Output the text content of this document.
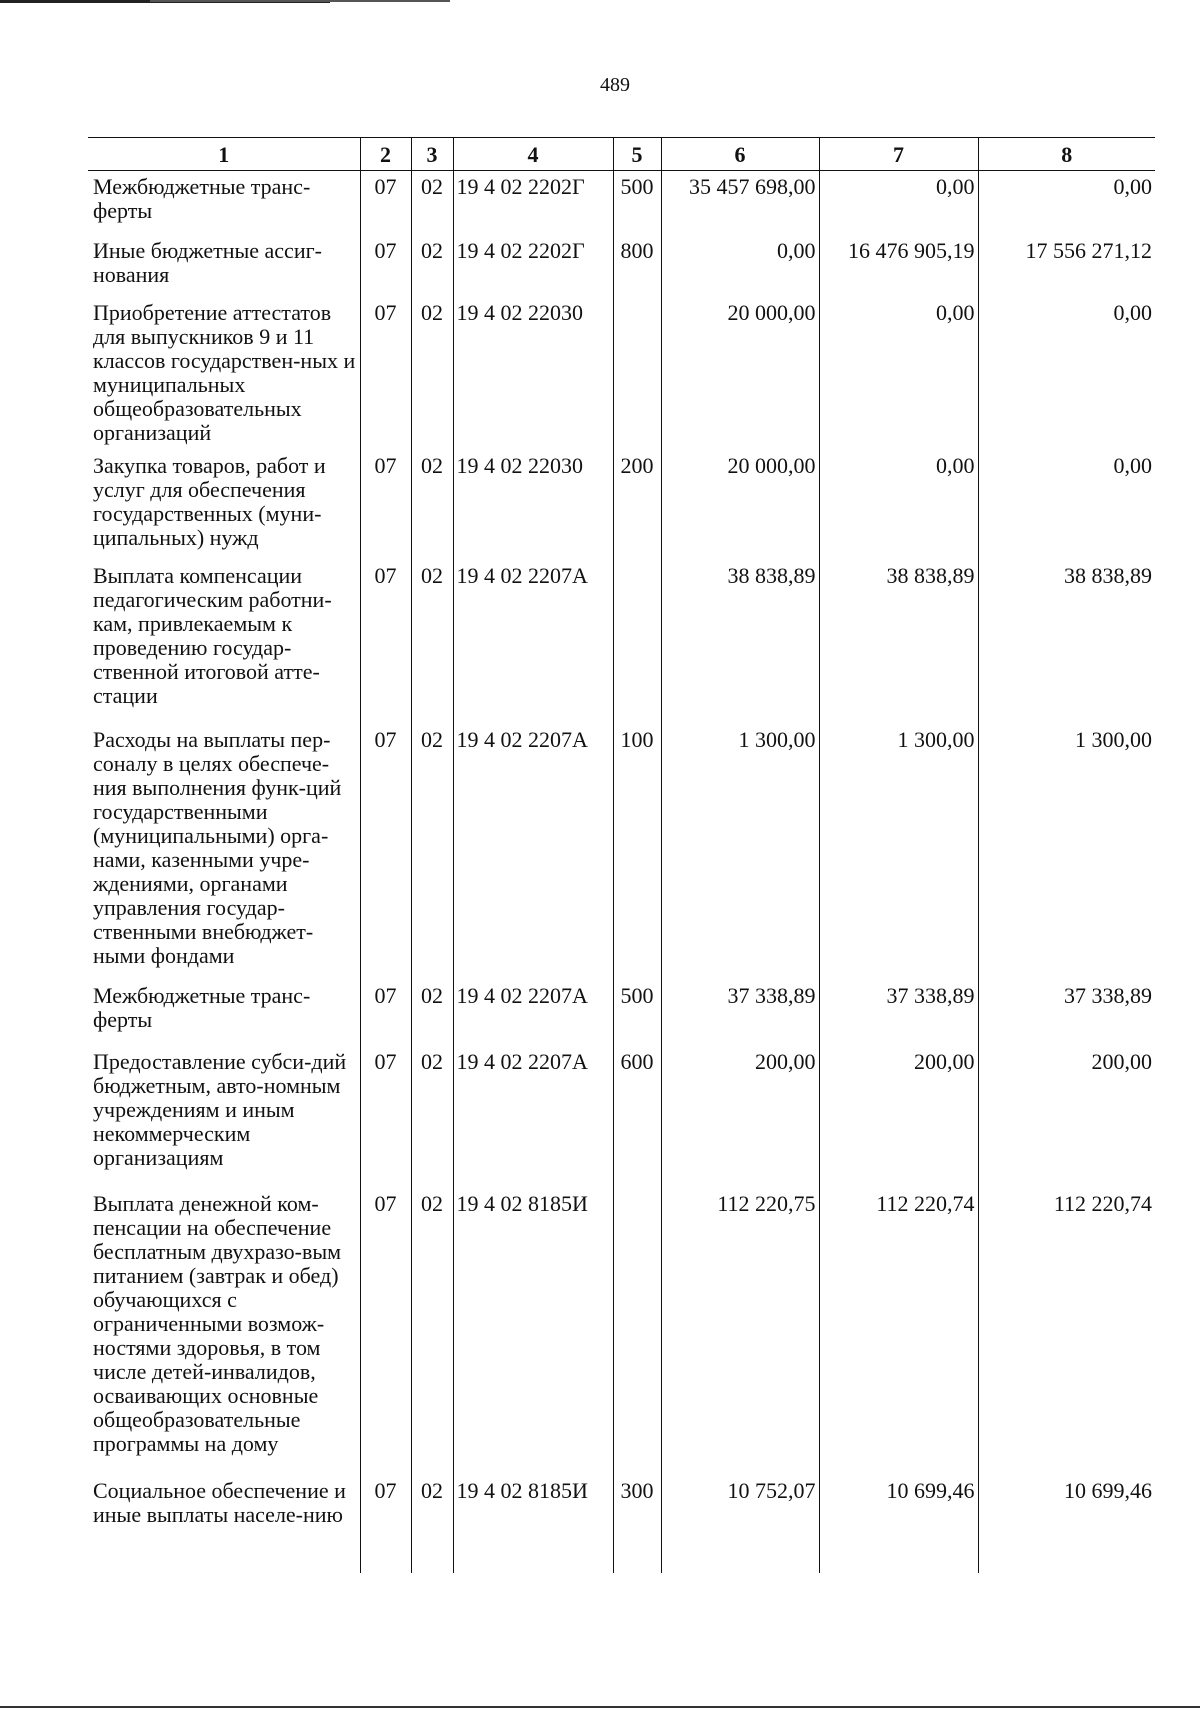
489
1	2	3	4	5	6	7	8
Межбюджетные транс-ферты	07	02	19 4 02 2202Г	500	35 457 698,00	0,00	0,00
Иные бюджетные ассиг-нования	07	02	19 4 02 2202Г	800	0,00	16 476 905,19	17 556 271,12
Приобретение аттестатов для выпускников 9 и 11 классов государствен-ных и муниципальных общеобразовательных организаций	07	02	19 4 02 22030		20 000,00	0,00	0,00
Закупка товаров, работ и услуг для обеспечения государственных (муни-ципальных) нужд	07	02	19 4 02 22030	200	20 000,00	0,00	0,00
Выплата компенсации педагогическим работни-кам, привлекаемым к проведению государ-ственной итоговой атте-стации	07	02	19 4 02 2207А		38 838,89	38 838,89	38 838,89
Расходы на выплаты пер-соналу в целях обеспече-ния выполнения функ-ций государственными (муниципальными) орга-нами, казенными учре-ждениями, органами управления государ-ственными внебюджет-ными фондами	07	02	19 4 02 2207А	100	1 300,00	1 300,00	1 300,00
Межбюджетные транс-ферты	07	02	19 4 02 2207А	500	37 338,89	37 338,89	37 338,89
Предоставление субси-дий бюджетным, авто-номным учреждениям и иным некоммерческим организациям	07	02	19 4 02 2207А	600	200,00	200,00	200,00
Выплата денежной ком-пенсации на обеспечение бесплатным двухразо-вым питанием (завтрак и обед) обучающихся с ограниченными возмож-ностями здоровья, в том числе детей-инвалидов, осваивающих основные общеобразовательные программы на дому	07	02	19 4 02 8185И		112 220,75	112 220,74	112 220,74
Социальное обеспечение и иные выплаты населе-нию	07	02	19 4 02 8185И	300	10 752,07	10 699,46	10 699,46
